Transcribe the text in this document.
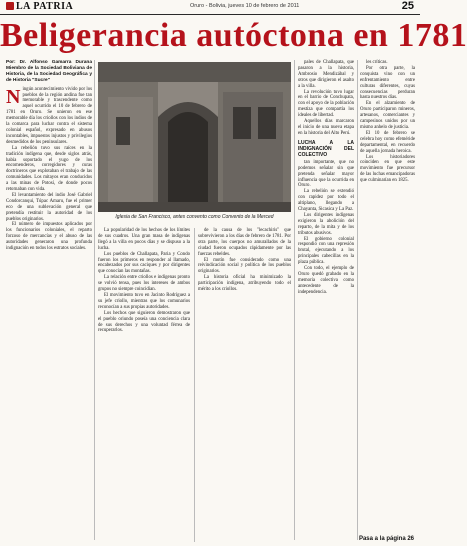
LA PATRIA	Oruro - Bolivia, jueves 10 de febrero de 2011	25
Beligerancia autóctona en 1781
Por: Dr. Alfonso Gamarra Durana Miembro de la Sociedad Boliviana de Historia, de la Sociedad Geográfica y de Historia "Sucre"

Ningún acontecimiento vivido por los pueblos de la región andina fue tan memorable y trascendente como aquel ocurrido el 10 de febrero de 1781 en Oruro. Se unieron en ese memorable día los criollos con los indios de la comarca para luchar contra el sistema colonial español, expresado en abusos incontables, impuestos injustos y privilegios desmedidos de los peninsulares.

La rebelión tuvo sus raíces en la tradición indígena que, desde siglos atrás, había soportado el yugo de los encomenderos, corregidores y curas doctrineros que explotaban el trabajo de las comunidades. Los mitayos eran conducidos a las minas de Potosí, de donde pocos retornaban con vida.

El levantamiento del indio José Gabriel Condorcanqui, Túpac Amaru, fue el primer eco de una sublevación general que pretendía restituir la autoridad de los pueblos originarios.

El número de impuestos aplicados por los funcionarios coloniales, el reparto forzoso de mercancías y el abuso de las autoridades generaron una profunda indignación en todos los estratos sociales.

Iglesia de San Francisco, antes convento como Convento de la Merced

La popularidad de los hechos de los límites de sus cuadros. Una gran masa de indígenas llegó a la villa en pocos días y se dispuso a la lucha.

Los pueblos de Challapata, Paria y Condo fueron los primeros en responder al llamado, encabezados por sus caciques y por dirigentes que conocían las montañas.

La relación entre criollos e indígenas pronto se volvió tensa, pues los intereses de ambos grupos no siempre coincidían.

El movimiento tuvo en Jacinto Rodríguez a su jefe criollo, mientras que los comunarios reconocían a sus propias autoridades.

Los hechos que siguieron demostraron que el pueblo oriundo poseía una conciencia clara de sus derechos y una voluntad férrea de recuperarlos.

de la causa de los "lecachiris" que sobrevivieron a los días de febrero de 1781. Por otra parte, los cuerpos no amurallados de la ciudad fueron ocupados rápidamente por las fuerzas rebeldes.

El motín fue considerado como una reivindicación social y política de los pueblos originarios.

La historia oficial ha minimizado la participación indígena, atribuyendo todo el mérito a los criollos.

pales de Challapata, que pasaron a la historia, Ambrosio Mendizábal y otros que dirigieron el asalto a la villa.

La revolución tuvo lugar en el barrio de Conchupata, con el apoyo de la población mestiza que compartía los ideales de libertad.

Aquellos días marcaron el inicio de una nueva etapa en la historia del Alto Perú.

LUCHA A LA INDIGNACIÓN DEL COLECTIVO

tan importante, que no podemos señalar sin que pretenda señalar mayor influencia que la ocurrida en Oruro.

La rebelión se extendió con rapidez por todo el altiplano, llegando a Chayanta, Sicasica y La Paz.

Los dirigentes indígenas exigieron la abolición del reparto, de la mita y de los tributos abusivos.

El gobierno colonial respondió con una represión brutal, ejecutando a los principales cabecillas en la plaza pública.

Con todo, el ejemplo de Oruro quedó grabado en la memoria colectiva como antecedente de la independencia.

les críticas.

Por otra parte, la conquista vino con un enfrentamiento entre culturas diferentes, cuyas consecuencias perduran hasta nuestros días.

En el alzamiento de Oruro participaron mineros, artesanos, comerciantes y campesinos unidos por un mismo anhelo de justicia.

El 10 de febrero se celebra hoy como efeméride departamental, en recuerdo de aquella jornada heroica.

Los historiadores coinciden en que este movimiento fue precursor de las luchas emancipadoras que culminarían en 1825.

Pasa a la página 26
